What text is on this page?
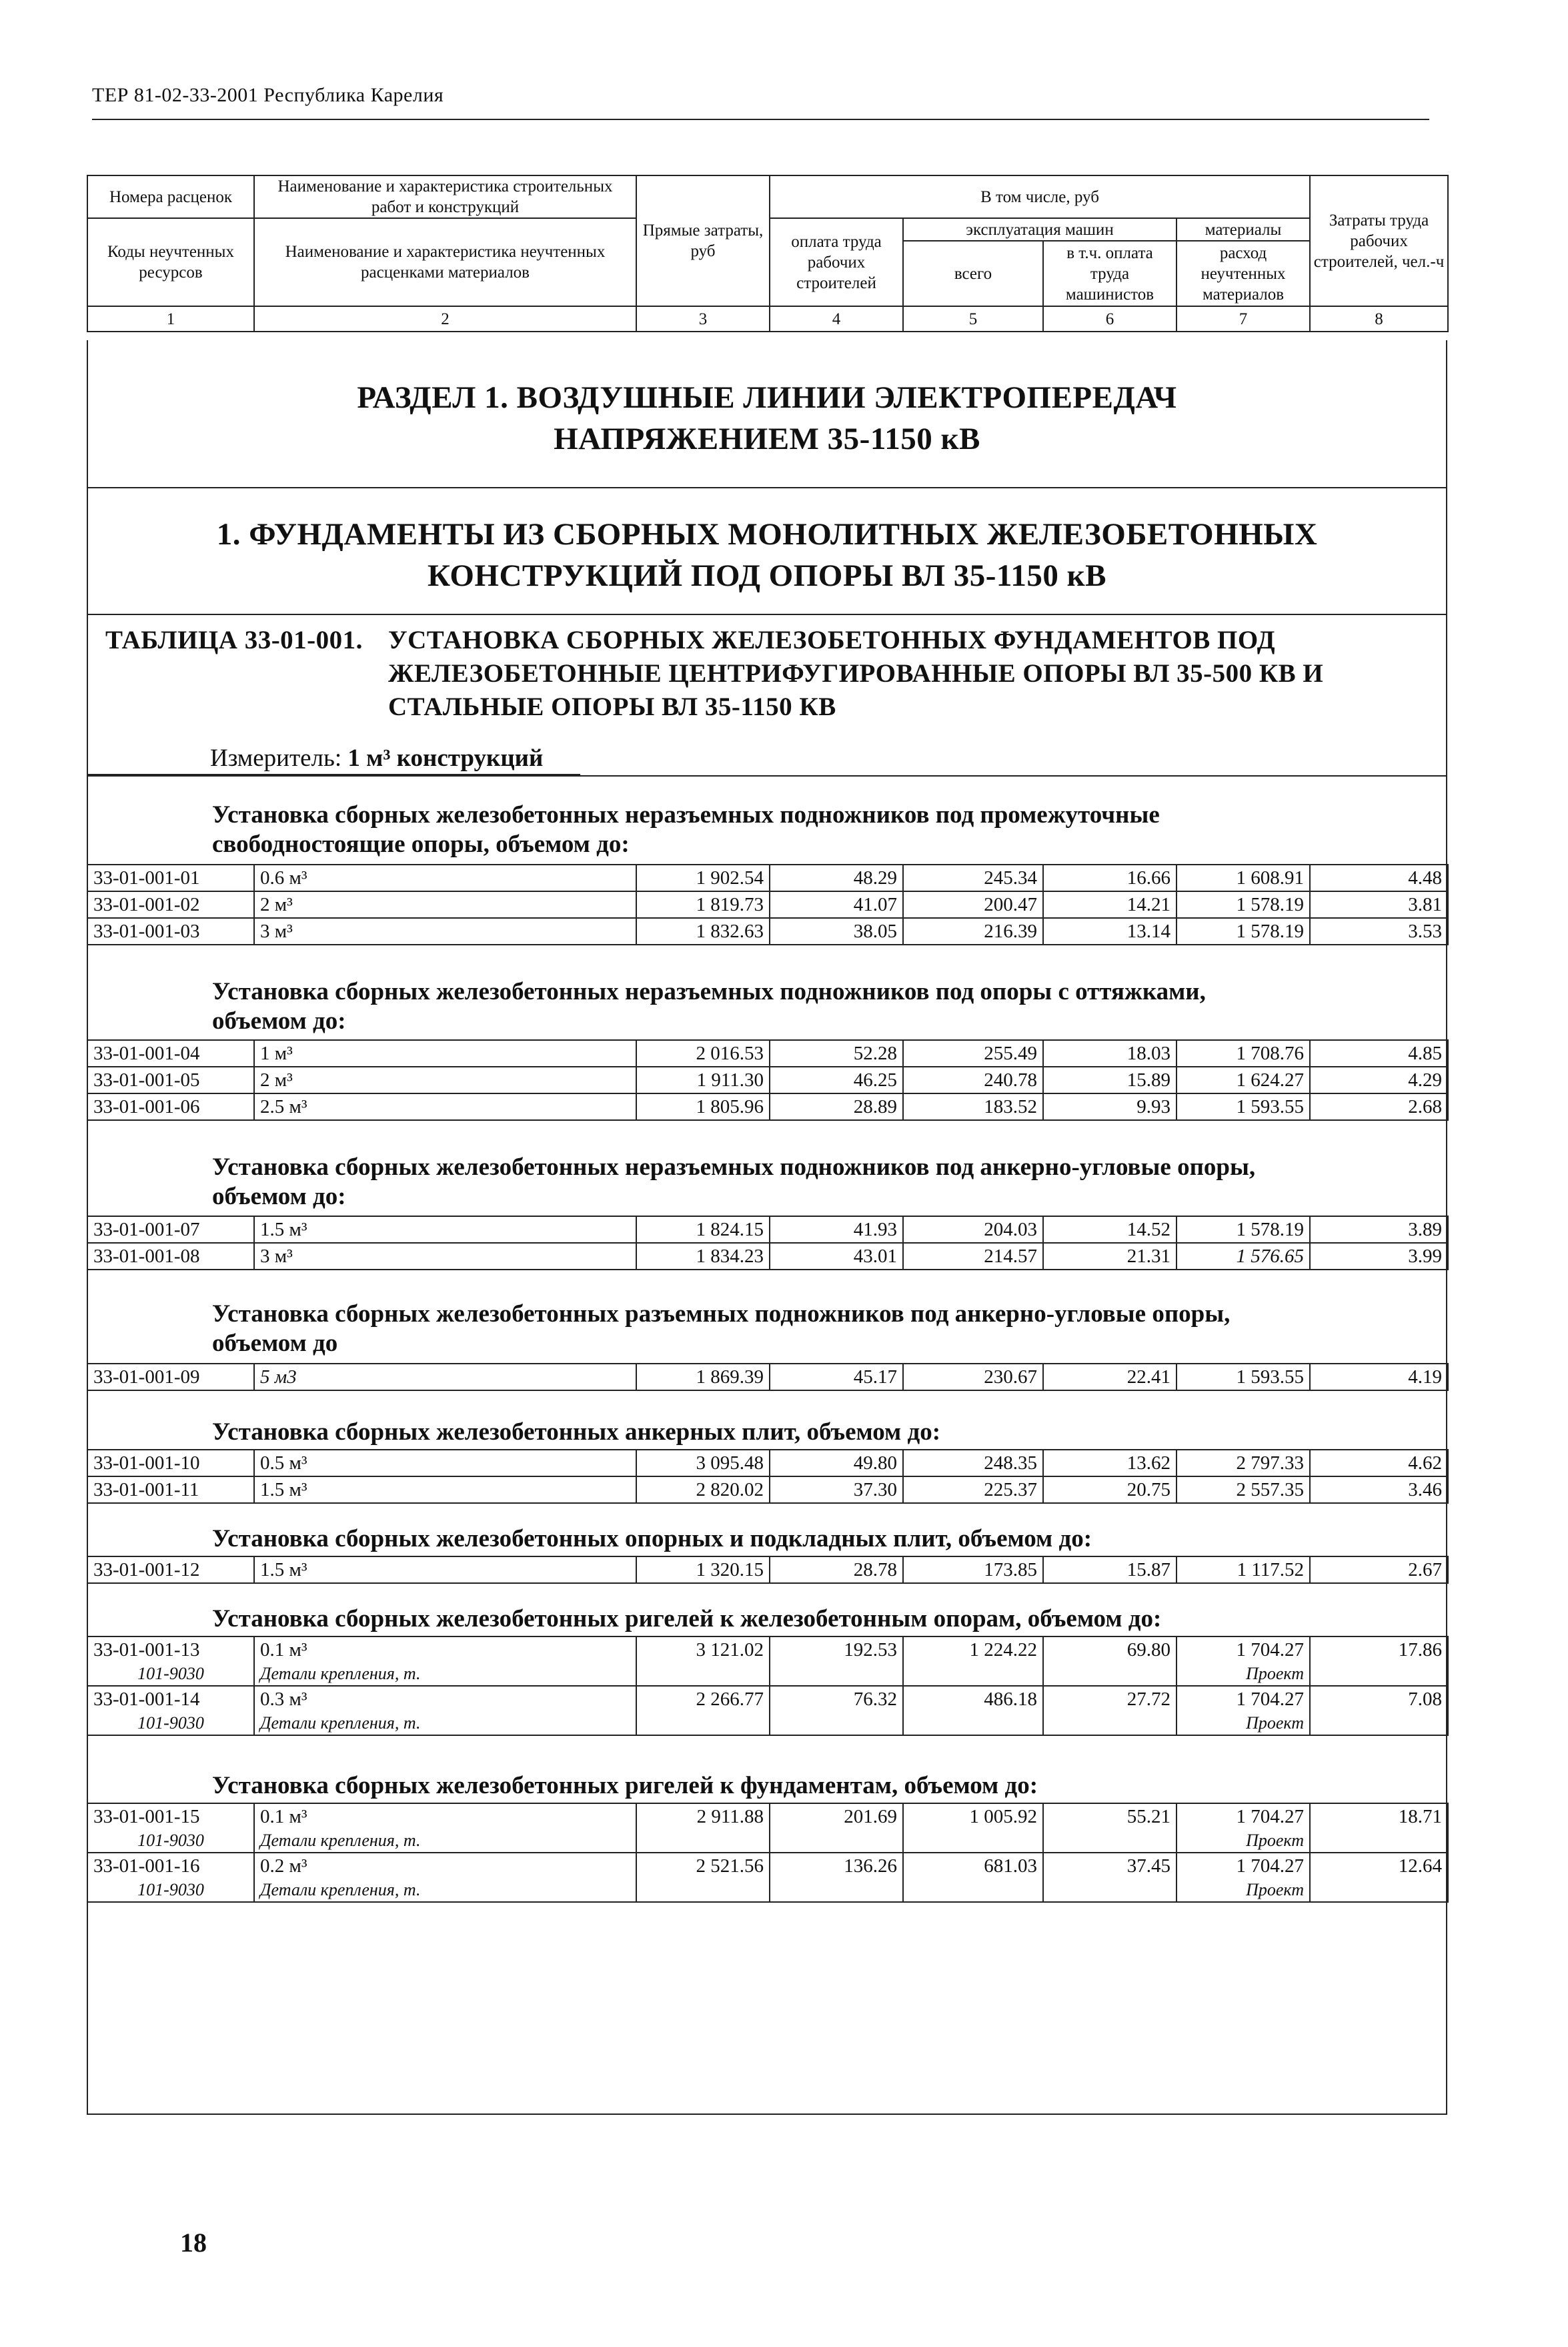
ТЕР 81-02-33-2001 Республика Карелия
Номера расценок	Наименование и характеристика строительных работ и конструкций	Прямые затраты, руб	В том числе, руб				Затраты труда рабочих строителей, чел.-ч
Коды неучтенных ресурсов	Наименование и характеристика неучтенных расценками материалов		оплата труда рабочих строителей	эксплуатация машин		материалы	
				всего	в т.ч. оплата труда машинистов	расход неучтенных материалов	

1	2	3	4	5	6	7	8
РАЗДЕЛ 1. ВОЗДУШНЫЕ ЛИНИИ ЭЛЕКТРОПЕРЕДАЧ
НАПРЯЖЕНИЕМ 35-1150 кВ
1. ФУНДАМЕНТЫ ИЗ СБОРНЫХ МОНОЛИТНЫХ ЖЕЛЕЗОБЕТОННЫХ
КОНСТРУКЦИЙ ПОД ОПОРЫ ВЛ 35-1150 кВ
ТАБЛИЦА 33-01-001. УСТАНОВКА СБОРНЫХ ЖЕЛЕЗОБЕТОННЫХ ФУНДАМЕНТОВ ПОД
ЖЕЛЕЗОБЕТОННЫЕ ЦЕНТРИФУГИРОВАННЫЕ ОПОРЫ ВЛ 35-500 КВ И
СТАЛЬНЫЕ ОПОРЫ ВЛ 35-1150 КВ
Измеритель: 1 м³ конструкций
Установка сборных железобетонных неразъемных подножников под промежуточные
свободностоящие опоры, объемом до:
33-01-001-01	0.6 м³	1 902.54	48.29	245.34	16.66	1 608.91	4.48
33-01-001-02	2 м³	1 819.73	41.07	200.47	14.21	1 578.19	3.81
33-01-001-03	3 м³	1 832.63	38.05	216.39	13.14	1 578.19	3.53
Установка сборных железобетонных неразъемных подножников под опоры с оттяжками,
объемом до:
33-01-001-04	1 м³	2 016.53	52.28	255.49	18.03	1 708.76	4.85
33-01-001-05	2 м³	1 911.30	46.25	240.78	15.89	1 624.27	4.29
33-01-001-06	2.5 м³	1 805.96	28.89	183.52	9.93	1 593.55	2.68
Установка сборных железобетонных неразъемных подножников под анкерно-угловые опоры,
объемом до:
33-01-001-07	1.5 м³	1 824.15	41.93	204.03	14.52	1 578.19	3.89
33-01-001-08	3 м³	1 834.23	43.01	214.57	21.31	1 576.65	3.99
Установка сборных железобетонных разъемных подножников под анкерно-угловые опоры,
объемом до
33-01-001-09	5 м3	1 869.39	45.17	230.67	22.41	1 593.55	4.19
Установка сборных железобетонных анкерных плит, объемом до:
33-01-001-10	0.5 м³	3 095.48	49.80	248.35	13.62	2 797.33	4.62
33-01-001-11	1.5 м³	2 820.02	37.30	225.37	20.75	2 557.35	3.46
Установка сборных железобетонных опорных и подкладных плит, объемом до:
33-01-001-12	1.5 м³	1 320.15	28.78	173.85	15.87	1 117.52	2.67
Установка сборных железобетонных ригелей к железобетонным опорам, объемом до:
33-01-001-13	0.1 м³	3 121.02	192.53	1 224.22	69.80	1 704.27	17.86
101-9030	Детали крепления, т.					Проект	
33-01-001-14	0.3 м³	2 266.77	76.32	486.18	27.72	1 704.27	7.08
101-9030	Детали крепления, т.					Проект	
Установка сборных железобетонных ригелей к фундаментам, объемом до:
33-01-001-15	0.1 м³	2 911.88	201.69	1 005.92	55.21	1 704.27	18.71
101-9030	Детали крепления, т.					Проект	
33-01-001-16	0.2 м³	2 521.56	136.26	681.03	37.45	1 704.27	12.64
101-9030	Детали крепления, т.					Проект	
18
